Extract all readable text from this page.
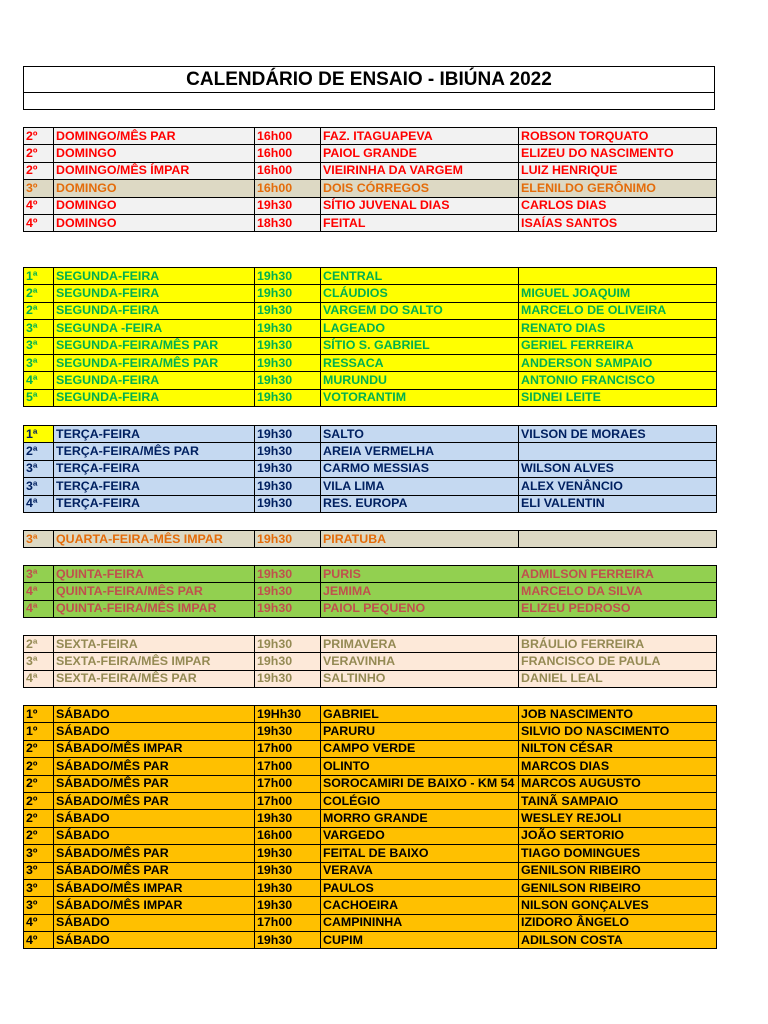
CALENDÁRIO DE ENSAIO - IBIÚNA 2022
2º	DOMINGO/MÊS PAR	16h00	FAZ. ITAGUAPEVA	ROBSON TORQUATO
2º	DOMINGO	16h00	PAIOL GRANDE	ELIZEU DO NASCIMENTO
2º	DOMINGO/MÊS ÍMPAR	16h00	VIEIRINHA DA VARGEM	LUIZ HENRIQUE
3º	DOMINGO	16h00	DOIS CÓRREGOS	ELENILDO GERÔNIMO
4º	DOMINGO	19h30	SÍTIO JUVENAL DIAS	CARLOS DIAS
4º	DOMINGO	18h30	FEITAL	ISAÍAS SANTOS
1ª	SEGUNDA-FEIRA	19h30	CENTRAL	
2ª	SEGUNDA-FEIRA	19h30	CLÁUDIOS	MIGUEL JOAQUIM
2ª	SEGUNDA-FEIRA	19h30	VARGEM DO SALTO	MARCELO DE OLIVEIRA
3ª	SEGUNDA -FEIRA	19h30	LAGEADO	RENATO DIAS
3ª	SEGUNDA-FEIRA/MÊS PAR	19h30	SÍTIO S. GABRIEL	GERIEL FERREIRA
3ª	SEGUNDA-FEIRA/MÊS PAR	19h30	RESSACA	ANDERSON SAMPAIO
4ª	SEGUNDA-FEIRA	19h30	MURUNDU	ANTONIO FRANCISCO
5ª	SEGUNDA-FEIRA	19h30	VOTORANTIM	SIDNEI LEITE
1ª	TERÇA-FEIRA	19h30	SALTO	VILSON DE MORAES
2ª	TERÇA-FEIRA/MÊS PAR	19h30	AREIA VERMELHA	
3ª	TERÇA-FEIRA	19h30	CARMO MESSIAS	WILSON ALVES
3ª	TERÇA-FEIRA	19h30	VILA LIMA	ALEX VENÂNCIO
4ª	TERÇA-FEIRA	19h30	RES. EUROPA	ELI VALENTIN
3ª	QUARTA-FEIRA-MÊS IMPAR	19h30	PIRATUBA	
3ª	QUINTA-FEIRA	19h30	PURIS	ADMILSON FERREIRA
4ª	QUINTA-FEIRA/MÊS PAR	19h30	JEMIMA	MARCELO DA SILVA
4ª	QUINTA-FEIRA/MÊS IMPAR	19h30	PAIOL PEQUENO	ELIZEU PEDROSO
2ª	SEXTA-FEIRA	19h30	PRIMAVERA	BRÁULIO FERREIRA
3ª	SEXTA-FEIRA/MÊS IMPAR	19h30	VERAVINHA	FRANCISCO DE PAULA
4ª	SEXTA-FEIRA/MÊS PAR	19h30	SALTINHO	DANIEL LEAL
1º	SÁBADO	19Hh30	GABRIEL	JOB NASCIMENTO
1º	SÁBADO	19h30	PARURU	SILVIO DO NASCIMENTO
2º	SÁBADO/MÊS IMPAR	17h00	CAMPO VERDE	NILTON CÉSAR
2º	SÁBADO/MÊS PAR	17h00	OLINTO	MARCOS DIAS
2º	SÁBADO/MÊS PAR	17h00	SOROCAMIRI DE BAIXO - KM 54	MARCOS AUGUSTO
2º	SÁBADO/MÊS PAR	17h00	COLÉGIO	TAINÃ SAMPAIO
2º	SÁBADO	19h30	MORRO GRANDE	WESLEY REJOLI
2º	SÁBADO	16h00	VARGEDO	JOÃO SERTORIO
3º	SÁBADO/MÊS PAR	19h30	FEITAL DE BAIXO	TIAGO DOMINGUES
3º	SÁBADO/MÊS PAR	19h30	VERAVA	GENILSON RIBEIRO
3º	SÁBADO/MÊS IMPAR	19h30	PAULOS	GENILSON RIBEIRO
3º	SÁBADO/MÊS IMPAR	19h30	CACHOEIRA	NILSON GONÇALVES
4º	SÁBADO	17h00	CAMPININHA	IZIDORO ÂNGELO
4º	SÁBADO	19h30	CUPIM	ADILSON COSTA
